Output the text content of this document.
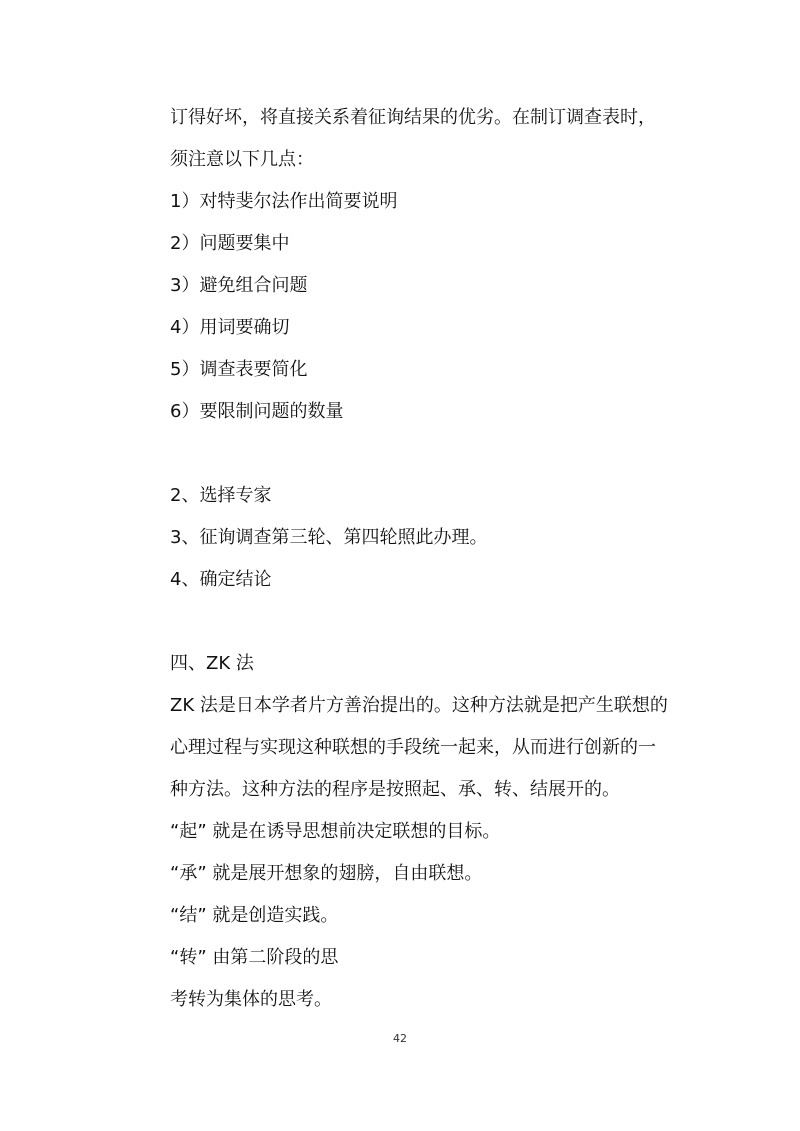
订得好坏，将直接关系着征询结果的优劣。在制订调查表时，
须注意以下几点：
1）对特斐尔法作出简要说明
2）问题要集中
3）避免组合问题
4）用词要确切
5）调查表要简化
6）要限制问题的数量
2、选择专家
3、征询调查第三轮、第四轮照此办理。
4、确定结论
四、ZK 法
ZK 法是日本学者片方善治提出的。这种方法就是把产生联想的
心理过程与实现这种联想的手段统一起来，从而进行创新的一
种方法。这种方法的程序是按照起、承、转、结展开的。
“起” 就是在诱导思想前决定联想的目标。
“承” 就是展开想象的翅膀，自由联想。
“结” 就是创造实践。
“转” 由第二阶段的思
考转为集体的思考。
42
